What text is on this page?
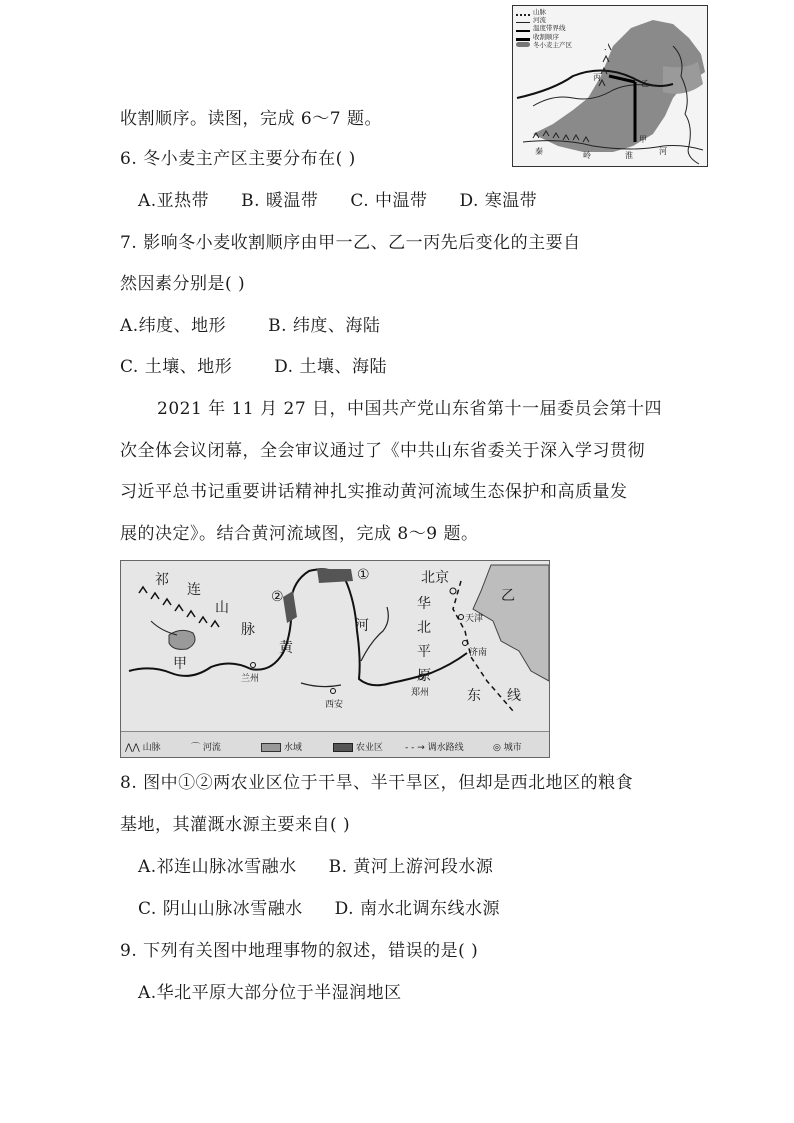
山脉
河流
温度带界线
收割顺序
冬小麦主产区
丙
乙
甲
秦	岭	淮	河
收割顺序。读图，完成 6～7 题。
6. 冬小麦主产区主要分布在( )
A.亚热带 B. 暖温带 C. 中温带 D. 寒温带
7. 影响冬小麦收割顺序由甲一乙、乙一丙先后变化的主要自
然因素分别是( )
A.纬度、地形 B. 纬度、海陆
C. 土壤、地形 D. 土壤、海陆
2021 年 11 月 27 日，中国共产党山东省第十一届委员会第十四
次全体会议闭幕，全会审议通过了《中共山东省委关于深入学习贯彻
习近平总书记重要讲话精神扎实推动黄河流域生态保护和高质量发
展的决定》。结合黄河流域图，完成 8～9 题。
祁
连
山
脉
甲
②
①
河
黄
北京
华
北
平
原
东 线
乙
天津
济南
兰州
郑州
西安
⋀⋀ 山脉	⌒ 河流	水域	农业区 - - → 调水路线	◎ 城市
8. 图中①②两农业区位于干旱、半干旱区，但却是西北地区的粮食
基地，其灌溉水源主要来自( )
A.祁连山脉冰雪融水 B. 黄河上游河段水源
C. 阴山山脉冰雪融水 D. 南水北调东线水源
9. 下列有关图中地理事物的叙述，错误的是( )
A.华北平原大部分位于半湿润地区
